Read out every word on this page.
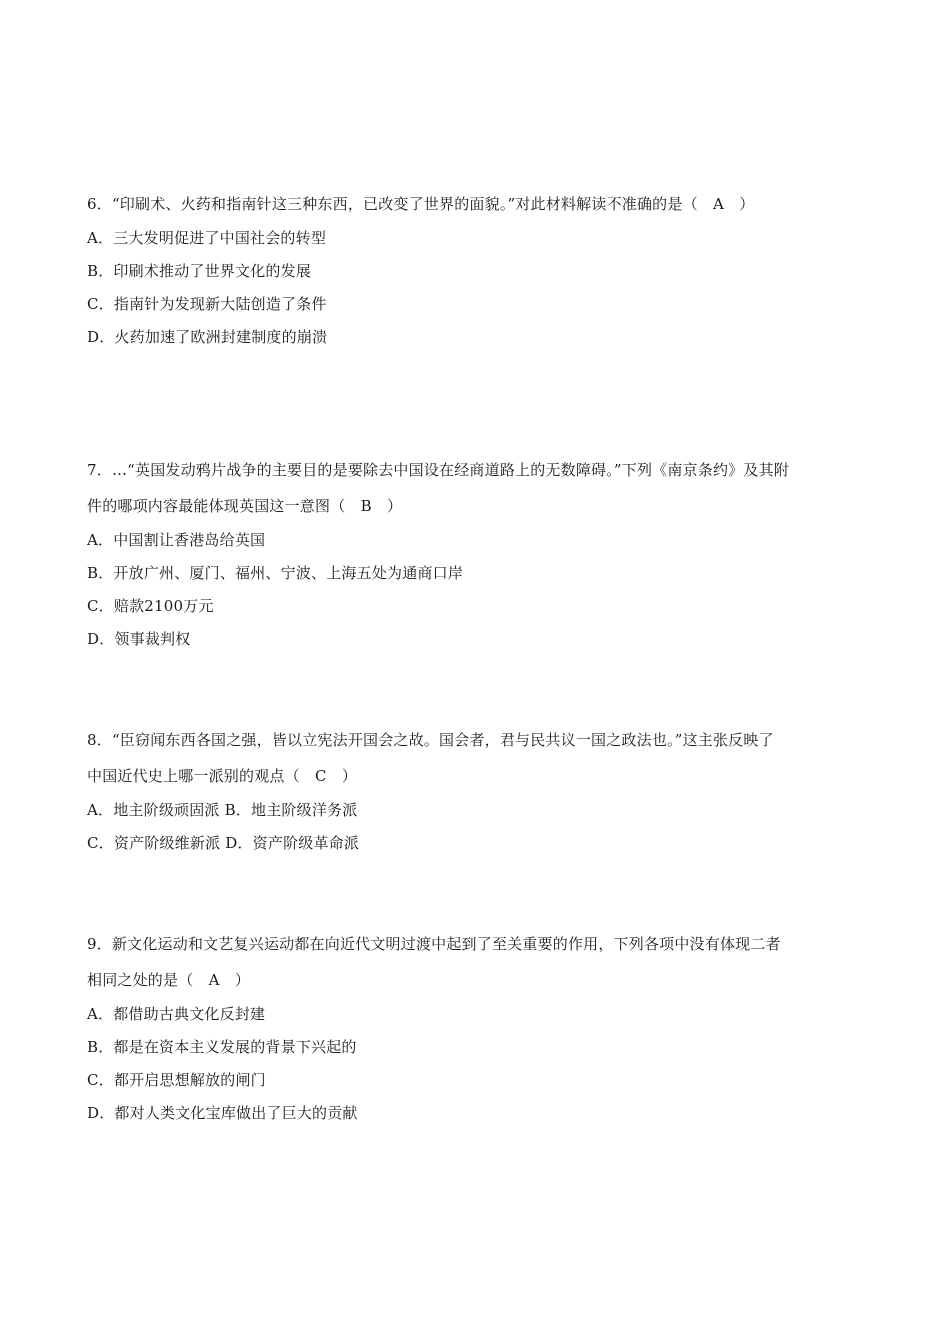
6．“印刷术、火药和指南针这三种东西，已改变了世界的面貌。”对此材料解读不准确的是（　A　）
A．三大发明促进了中国社会的转型
B．印刷术推动了世界文化的发展
C．指南针为发现新大陆创造了条件
D．火药加速了欧洲封建制度的崩溃
7．…“英国发动鸦片战争的主要目的是要除去中国设在经商道路上的无数障碍。”下列《南京条约》及其附
件的哪项内容最能体现英国这一意图（　B　）
A．中国割让香港岛给英国
B．开放广州、厦门、福州、宁波、上海五处为通商口岸
C．赔款2100万元
D．领事裁判权
8．“臣窃闻东西各国之强，皆以立宪法开国会之故。国会者，君与民共议一国之政法也。”这主张反映了
中国近代史上哪一派别的观点（　C　）
A．地主阶级顽固派 B．地主阶级洋务派
C．资产阶级维新派 D．资产阶级革命派
9．新文化运动和文艺复兴运动都在向近代文明过渡中起到了至关重要的作用，下列各项中没有体现二者
相同之处的是（　A　）
A．都借助古典文化反封建
B．都是在资本主义发展的背景下兴起的
C．都开启思想解放的闸门
D．都对人类文化宝库做出了巨大的贡献
